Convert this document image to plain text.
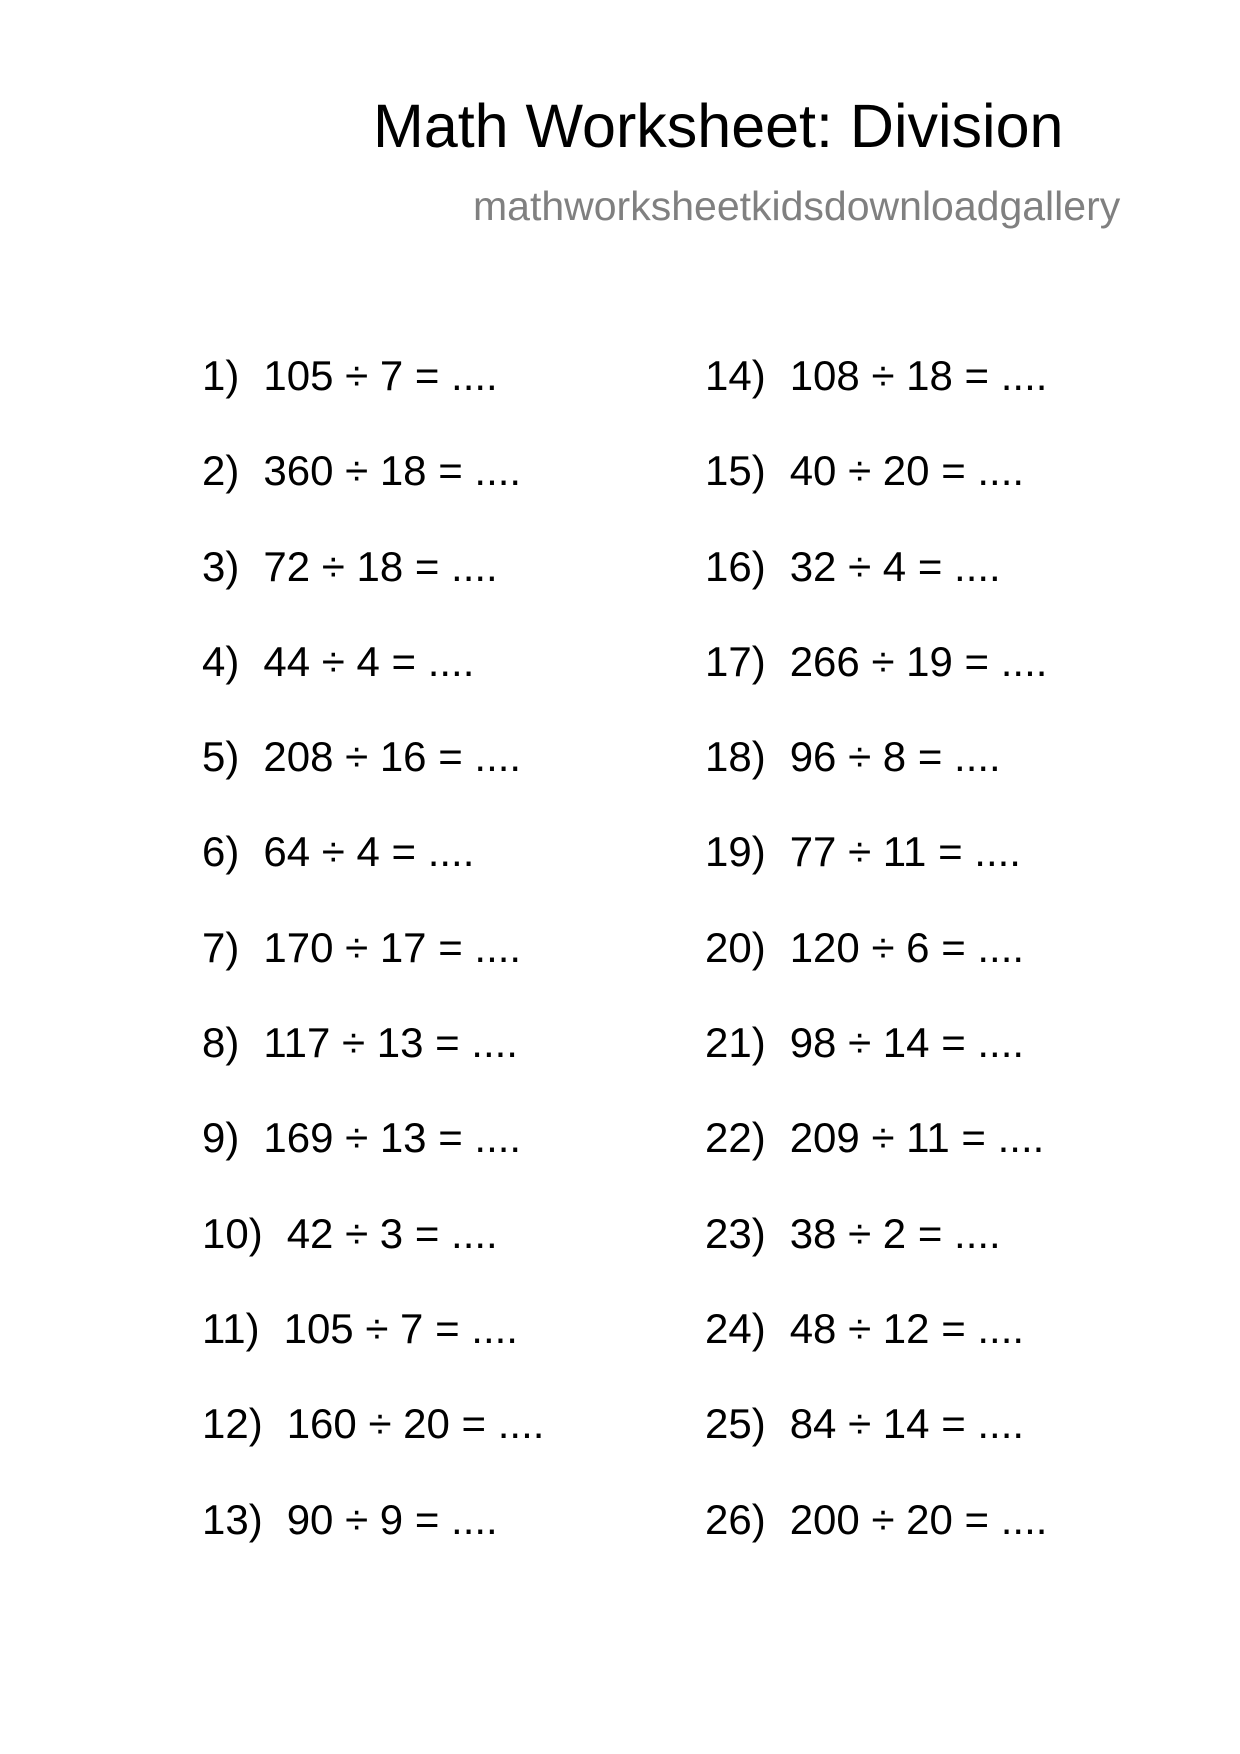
Math Worksheet: Division
mathworksheetkidsdownloadgallery
1) 105 ÷ 7 = ....
2) 360 ÷ 18 = ....
3) 72 ÷ 18 = ....
4) 44 ÷ 4 = ....
5) 208 ÷ 16 = ....
6) 64 ÷ 4 = ....
7) 170 ÷ 17 = ....
8) 117 ÷ 13 = ....
9) 169 ÷ 13 = ....
10) 42 ÷ 3 = ....
11) 105 ÷ 7 = ....
12) 160 ÷ 20 = ....
13) 90 ÷ 9 = ....
14) 108 ÷ 18 = ....
15) 40 ÷ 20 = ....
16) 32 ÷ 4 = ....
17) 266 ÷ 19 = ....
18) 96 ÷ 8 = ....
19) 77 ÷ 11 = ....
20) 120 ÷ 6 = ....
21) 98 ÷ 14 = ....
22) 209 ÷ 11 = ....
23) 38 ÷ 2 = ....
24) 48 ÷ 12 = ....
25) 84 ÷ 14 = ....
26) 200 ÷ 20 = ....
